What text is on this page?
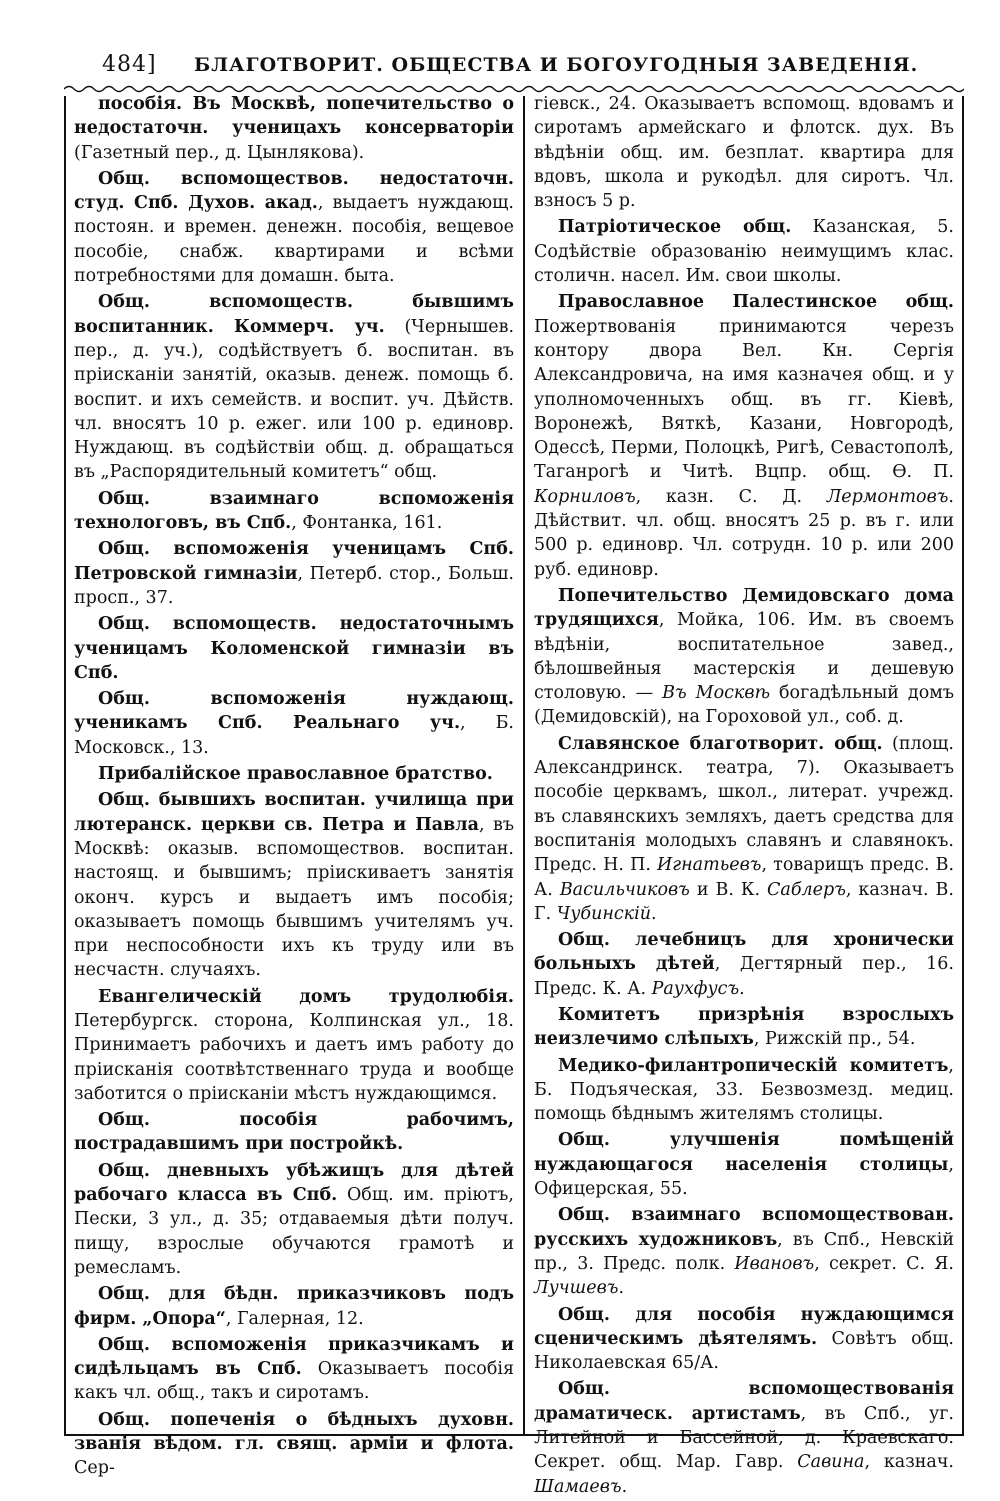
484] БЛАГОТВОРИТ. ОБЩЕСТВА И БОГОУГОДНЫЯ ЗАВЕДЕНІЯ.

пособія. Въ Москвѣ, попечительство о недостаточн. ученицахъ консерваторіи (Газетный пер., д. Цынлякова).

Общ. вспомоществов. недостаточн. студ. Спб. Духов. акад., выдаетъ нуждающ. постоян. и времен. денежн. пособія, вещевое пособіе, снабж. квартирами и всѣми потребностями для домашн. быта.

Общ. вспомоществ. бывшимъ воспитанник. Коммерч. уч. (Чернышев. пер., д. уч.), содѣйствуетъ б. воспитан. въ пріисканіи занятій, оказыв. денеж. помощь б. воспит. и ихъ семейств. и воспит. уч. Дѣйств. чл. вносятъ 10 р. ежег. или 100 р. единовр. Нуждающ. въ содѣйствіи общ. д. обращаться въ „Распорядительный комитетъ“ общ.

Общ. взаимнаго вспоможенія технологовъ, въ Спб., Фонтанка, 161.

Общ. вспоможенія ученицамъ Спб. Петровской гимназіи, Петерб. стор., Больш. просп., 37.

Общ. вспомоществ. недостаточнымъ ученицамъ Коломенской гимназіи въ Спб.

Общ. вспоможенія нуждающ. ученикамъ Спб. Реальнаго уч., Б. Московск., 13.

Прибалійское православное братство.

Общ. бывшихъ воспитан. училища при лютеранск. церкви св. Петра и Павла, въ Москвѣ: оказыв. вспомоществов. воспитан. настоящ. и бывшимъ; пріискиваетъ занятія оконч. курсъ и выдаетъ имъ пособія; оказываетъ помощь бывшимъ учителямъ уч. при неспособности ихъ къ труду или въ несчастн. случаяхъ.

Евангелическій домъ трудолюбія. Петербургск. сторона, Колпинская ул., 18. Принимаетъ рабочихъ и даетъ имъ работу до пріисканія соотвѣтственнаго труда и вообще заботится о пріисканіи мѣстъ нуждающимся.

Общ. пособія рабочимъ, пострадавшимъ при постройкѣ.

Общ. дневныхъ убѣжищъ для дѣтей рабочаго класса въ Спб. Общ. им. пріютъ, Пески, 3 ул., д. 35; отдаваемыя дѣти получ. пищу, взрослые обучаются грамотѣ и ремесламъ.

Общ. для бѣдн. приказчиковъ подъ фирм. „Опора“, Галерная, 12.

Общ. вспоможенія приказчикамъ и сидѣльцамъ въ Спб. Оказываетъ пособія какъ чл. общ., такъ и сиротамъ.

Общ. попеченія о бѣдныхъ духовн. званія вѣдом. гл. свящ. арміи и флота. Сер-

гіевск., 24. Оказываетъ вспомощ. вдовамъ и сиротамъ армейскаго и флотск. дух. Въ вѣдѣніи общ. им. безплат. квартира для вдовъ, школа и рукодѣл. для сиротъ. Чл. взносъ 5 р.

Патріотическое общ. Казанская, 5. Содѣйствіе образованію неимущимъ клас. столичн. насел. Им. свои школы.

Православное Палестинское общ. Пожертвованія принимаются черезъ контору двора Вел. Кн. Сергія Александровича, на имя казначея общ. и у уполномоченныхъ общ. въ гг. Кіевѣ, Воронежѣ, Вяткѣ, Казани, Новгородѣ, Одессѣ, Перми, Полоцкѣ, Ригѣ, Севастополѣ, Таганрогѣ и Читѣ. Вцпр. общ. Ѳ. П. Корниловъ, казн. С. Д. Лермонтовъ. Дѣйствит. чл. общ. вносятъ 25 р. въ г. или 500 р. единовр. Чл. сотрудн. 10 р. или 200 руб. единовр.

Попечительство Демидовскаго дома трудящихся, Мойка, 106. Им. въ своемъ вѣдѣніи, воспитательное завед., бѣлошвейныя мастерскія и дешевую столовую. — Въ Москвѣ богадѣльный домъ (Демидовскій), на Гороховой ул., соб. д.

Славянское благотворит. общ. (площ. Александринск. театра, 7). Оказываетъ пособіе церквамъ, школ., литерат. учрежд. въ славянскихъ земляхъ, даетъ средства для воспитанія молодыхъ славянъ и славянокъ. Предс. Н. П. Игнатьевъ, товарищъ предс. В. А. Васильчиковъ и В. К. Саблеръ, казнач. В. Г. Чубинскій.

Общ. лечебницъ для хронически больныхъ дѣтей, Дегтярный пер., 16. Предс. К. А. Раухфусъ.

Комитетъ призрѣнія взрослыхъ неизлечимо слѣпыхъ, Рижскій пр., 54.

Медико-филантропическій комитетъ, Б. Подъяческая, 33. Безвозмезд. медиц. помощь бѣднымъ жителямъ столицы.

Общ. улучшенія помѣщеній нуждающагося населенія столицы, Офицерская, 55.

Общ. взаимнаго вспомоществован. русскихъ художниковъ, въ Спб., Невскій пр., 3. Предс. полк. Ивановъ, секрет. С. Я. Лучшевъ.

Общ. для пособія нуждающимся сценическимъ дѣятелямъ. Совѣтъ общ. Николаевская 65/А.

Общ. вспомоществованія драматическ. артистамъ, въ Спб., уг. Литейной и Бассейной, д. Краевскаго. Секрет. общ. Мар. Гавр. Савина, казнач. Шамаевъ.
